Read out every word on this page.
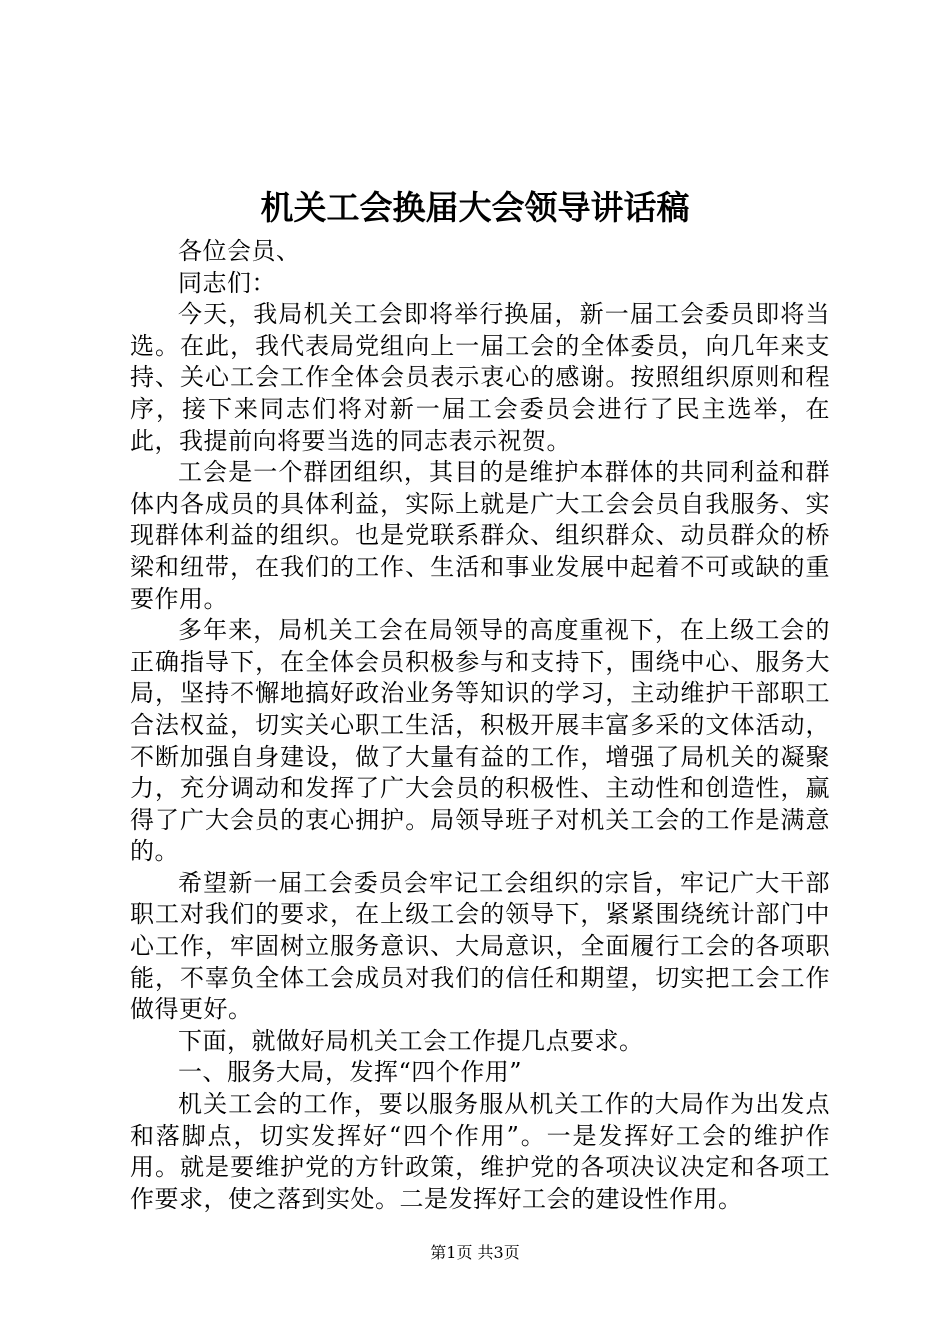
机关工会换届大会领导讲话稿

各位会员、

同志们：

今天，我局机关工会即将举行换届，新一届工会委员即将当选。在此，我代表局党组向上一届工会的全体委员，向几年来支持、关心工会工作全体会员表示衷心的感谢。按照组织原则和程序，接下来同志们将对新一届工会委员会进行了民主选举，在此，我提前向将要当选的同志表示祝贺。

工会是一个群团组织，其目的是维护本群体的共同利益和群体内各成员的具体利益，实际上就是广大工会会员自我服务、实现群体利益的组织。也是党联系群众、组织群众、动员群众的桥梁和纽带，在我们的工作、生活和事业发展中起着不可或缺的重要作用。

多年来，局机关工会在局领导的高度重视下，在上级工会的正确指导下，在全体会员积极参与和支持下，围绕中心、服务大局，坚持不懈地搞好政治业务等知识的学习，主动维护干部职工合法权益，切实关心职工生活，积极开展丰富多采的文体活动，不断加强自身建设，做了大量有益的工作，增强了局机关的凝聚力，充分调动和发挥了广大会员的积极性、主动性和创造性，赢得了广大会员的衷心拥护。局领导班子对机关工会的工作是满意的。

希望新一届工会委员会牢记工会组织的宗旨，牢记广大干部职工对我们的要求，在上级工会的领导下，紧紧围绕统计部门中心工作，牢固树立服务意识、大局意识，全面履行工会的各项职能，不辜负全体工会成员对我们的信任和期望，切实把工会工作做得更好。

下面，就做好局机关工会工作提几点要求。

一、服务大局，发挥“四个作用”

机关工会的工作，要以服务服从机关工作的大局作为出发点和落脚点，切实发挥好“四个作用”。一是发挥好工会的维护作用。就是要维护党的方针政策，维护党的各项决议决定和各项工作要求，使之落到实处。二是发挥好工会的建设性作用。

第1页 共3页
